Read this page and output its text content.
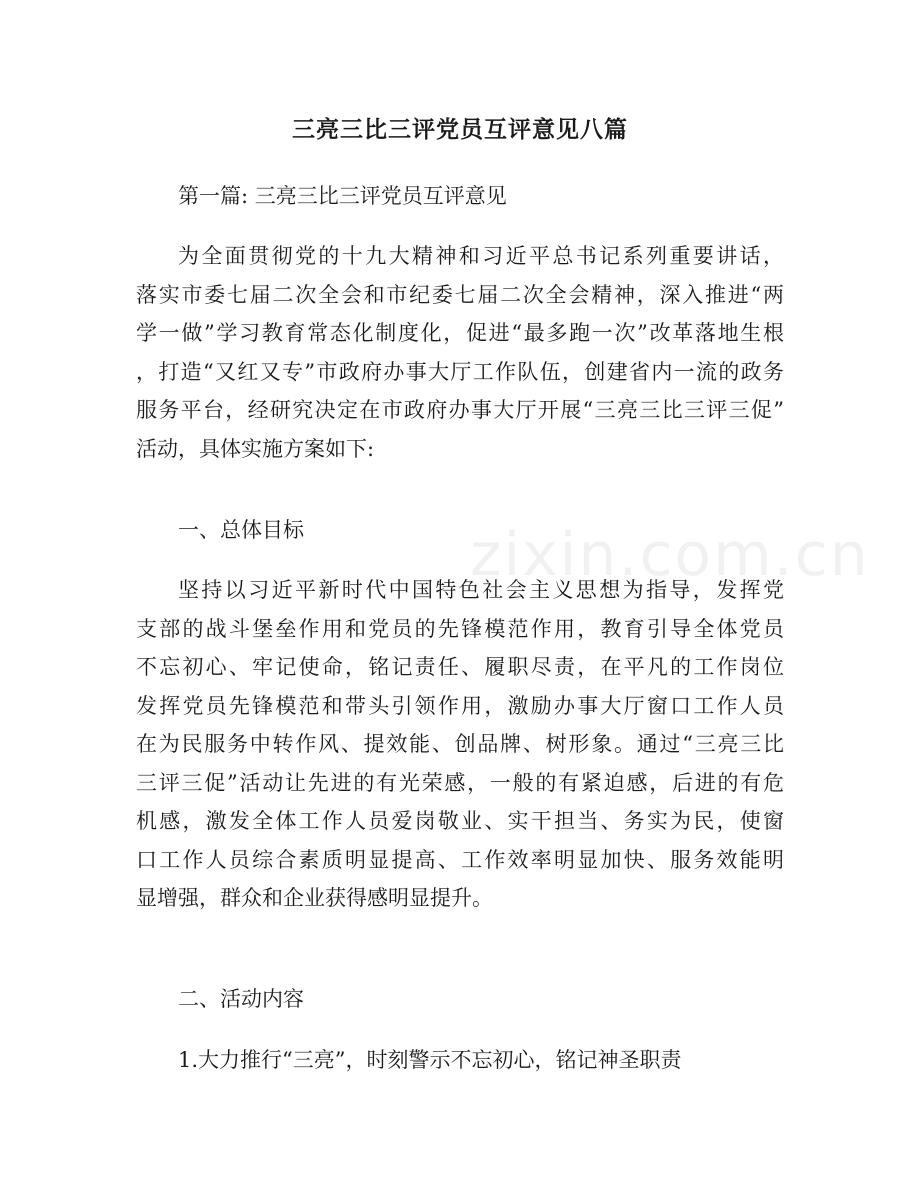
zixin.com.cn
三亮三比三评党员互评意见八篇
第一篇: 三亮三比三评党员互评意见
为全面贯彻党的十九大精神和习近平总书记系列重要讲话，
落实市委七届二次全会和市纪委七届二次全会精神，深入推进“两
学一做”学习教育常态化制度化，促进“最多跑一次”改革落地生根
，打造“又红又专”市政府办事大厅工作队伍，创建省内一流的政务
服务平台，经研究决定在市政府办事大厅开展“三亮三比三评三促”
活动，具体实施方案如下:
一、总体目标
坚持以习近平新时代中国特色社会主义思想为指导，发挥党
支部的战斗堡垒作用和党员的先锋模范作用，教育引导全体党员
不忘初心、牢记使命，铭记责任、履职尽责，在平凡的工作岗位
发挥党员先锋模范和带头引领作用，激励办事大厅窗口工作人员
在为民服务中转作风、提效能、创品牌、树形象。通过“三亮三比
三评三促”活动让先进的有光荣感，一般的有紧迫感，后进的有危
机感，激发全体工作人员爱岗敬业、实干担当、务实为民，使窗
口工作人员综合素质明显提高、工作效率明显加快、服务效能明
显增强，群众和企业获得感明显提升。
二、活动内容
1.大力推行“三亮”，时刻警示不忘初心，铭记神圣职责
